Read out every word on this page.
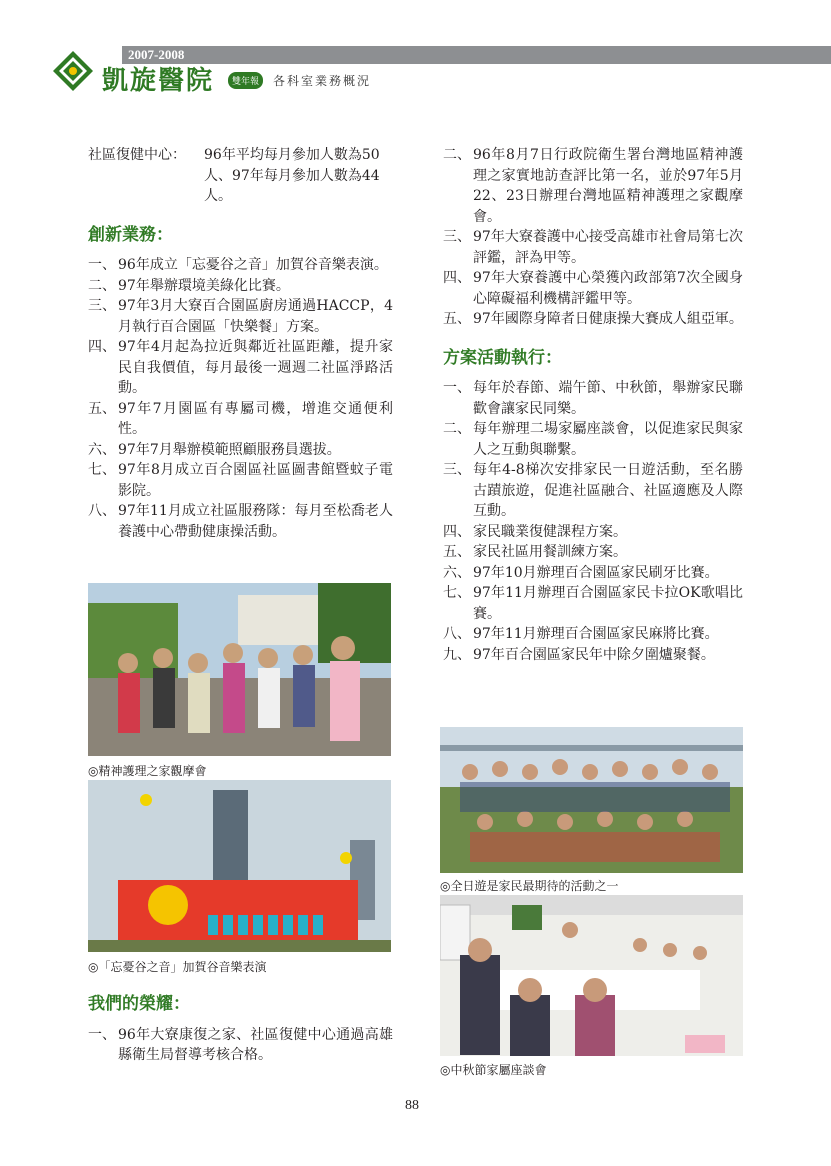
2007-2008
凱旋醫院	雙年報	各科室業務概況

社區復健中心： 96年平均每月參加人數為50人、97年每月參加人數為44人。

創新業務：

一、 96年成立「忘憂谷之音」加賀谷音樂表演。

二、 97年舉辦環境美綠化比賽。

三、 97年3月大寮百合園區廚房通過HACCP，4月執行百合園區「快樂餐」方案。

四、 97年4月起為拉近與鄰近社區距離，提升家民自我價值，每月最後一週週二社區淨路活動。

五、 97年7月園區有專屬司機，增進交通便利性。

六、 97年7月舉辦模範照顧服務員選拔。

七、 97年8月成立百合園區社區圖書館暨蚊子電影院。

八、 97年11月成立社區服務隊：每月至松喬老人養護中心帶動健康操活動。

◎精神護理之家觀摩會
◎「忘憂谷之音」加賀谷音樂表演
我們的榮耀：

一、 96年大寮康復之家、社區復健中心通過高雄縣衛生局督導考核合格。

二、 96年8月7日行政院衛生署台灣地區精神護理之家實地訪查評比第一名，並於97年5月22、23日辦理台灣地區精神護理之家觀摩會。

三、 97年大寮養護中心接受高雄市社會局第七次評鑑，評為甲等。

四、 97年大寮養護中心榮獲內政部第7次全國身心障礙福利機構評鑑甲等。

五、 97年國際身障者日健康操大賽成人組亞軍。

方案活動執行：

一、 每年於春節、端午節、中秋節，舉辦家民聯歡會讓家民同樂。

二、 每年辦理二場家屬座談會，以促進家民與家人之互動與聯繫。

三、 每年4-8梯次安排家民一日遊活動，至名勝古蹟旅遊，促進社區融合、社區適應及人際互動。

四、 家民職業復健課程方案。

五、 家民社區用餐訓練方案。

六、 97年10月辦理百合園區家民刷牙比賽。

七、 97年11月辦理百合園區家民卡拉OK歌唱比賽。

八、 97年11月辦理百合園區家民麻將比賽。

九、 97年百合園區家民年中除夕圍爐聚餐。

◎全日遊是家民最期待的活動之一
◎中秋節家屬座談會
88
